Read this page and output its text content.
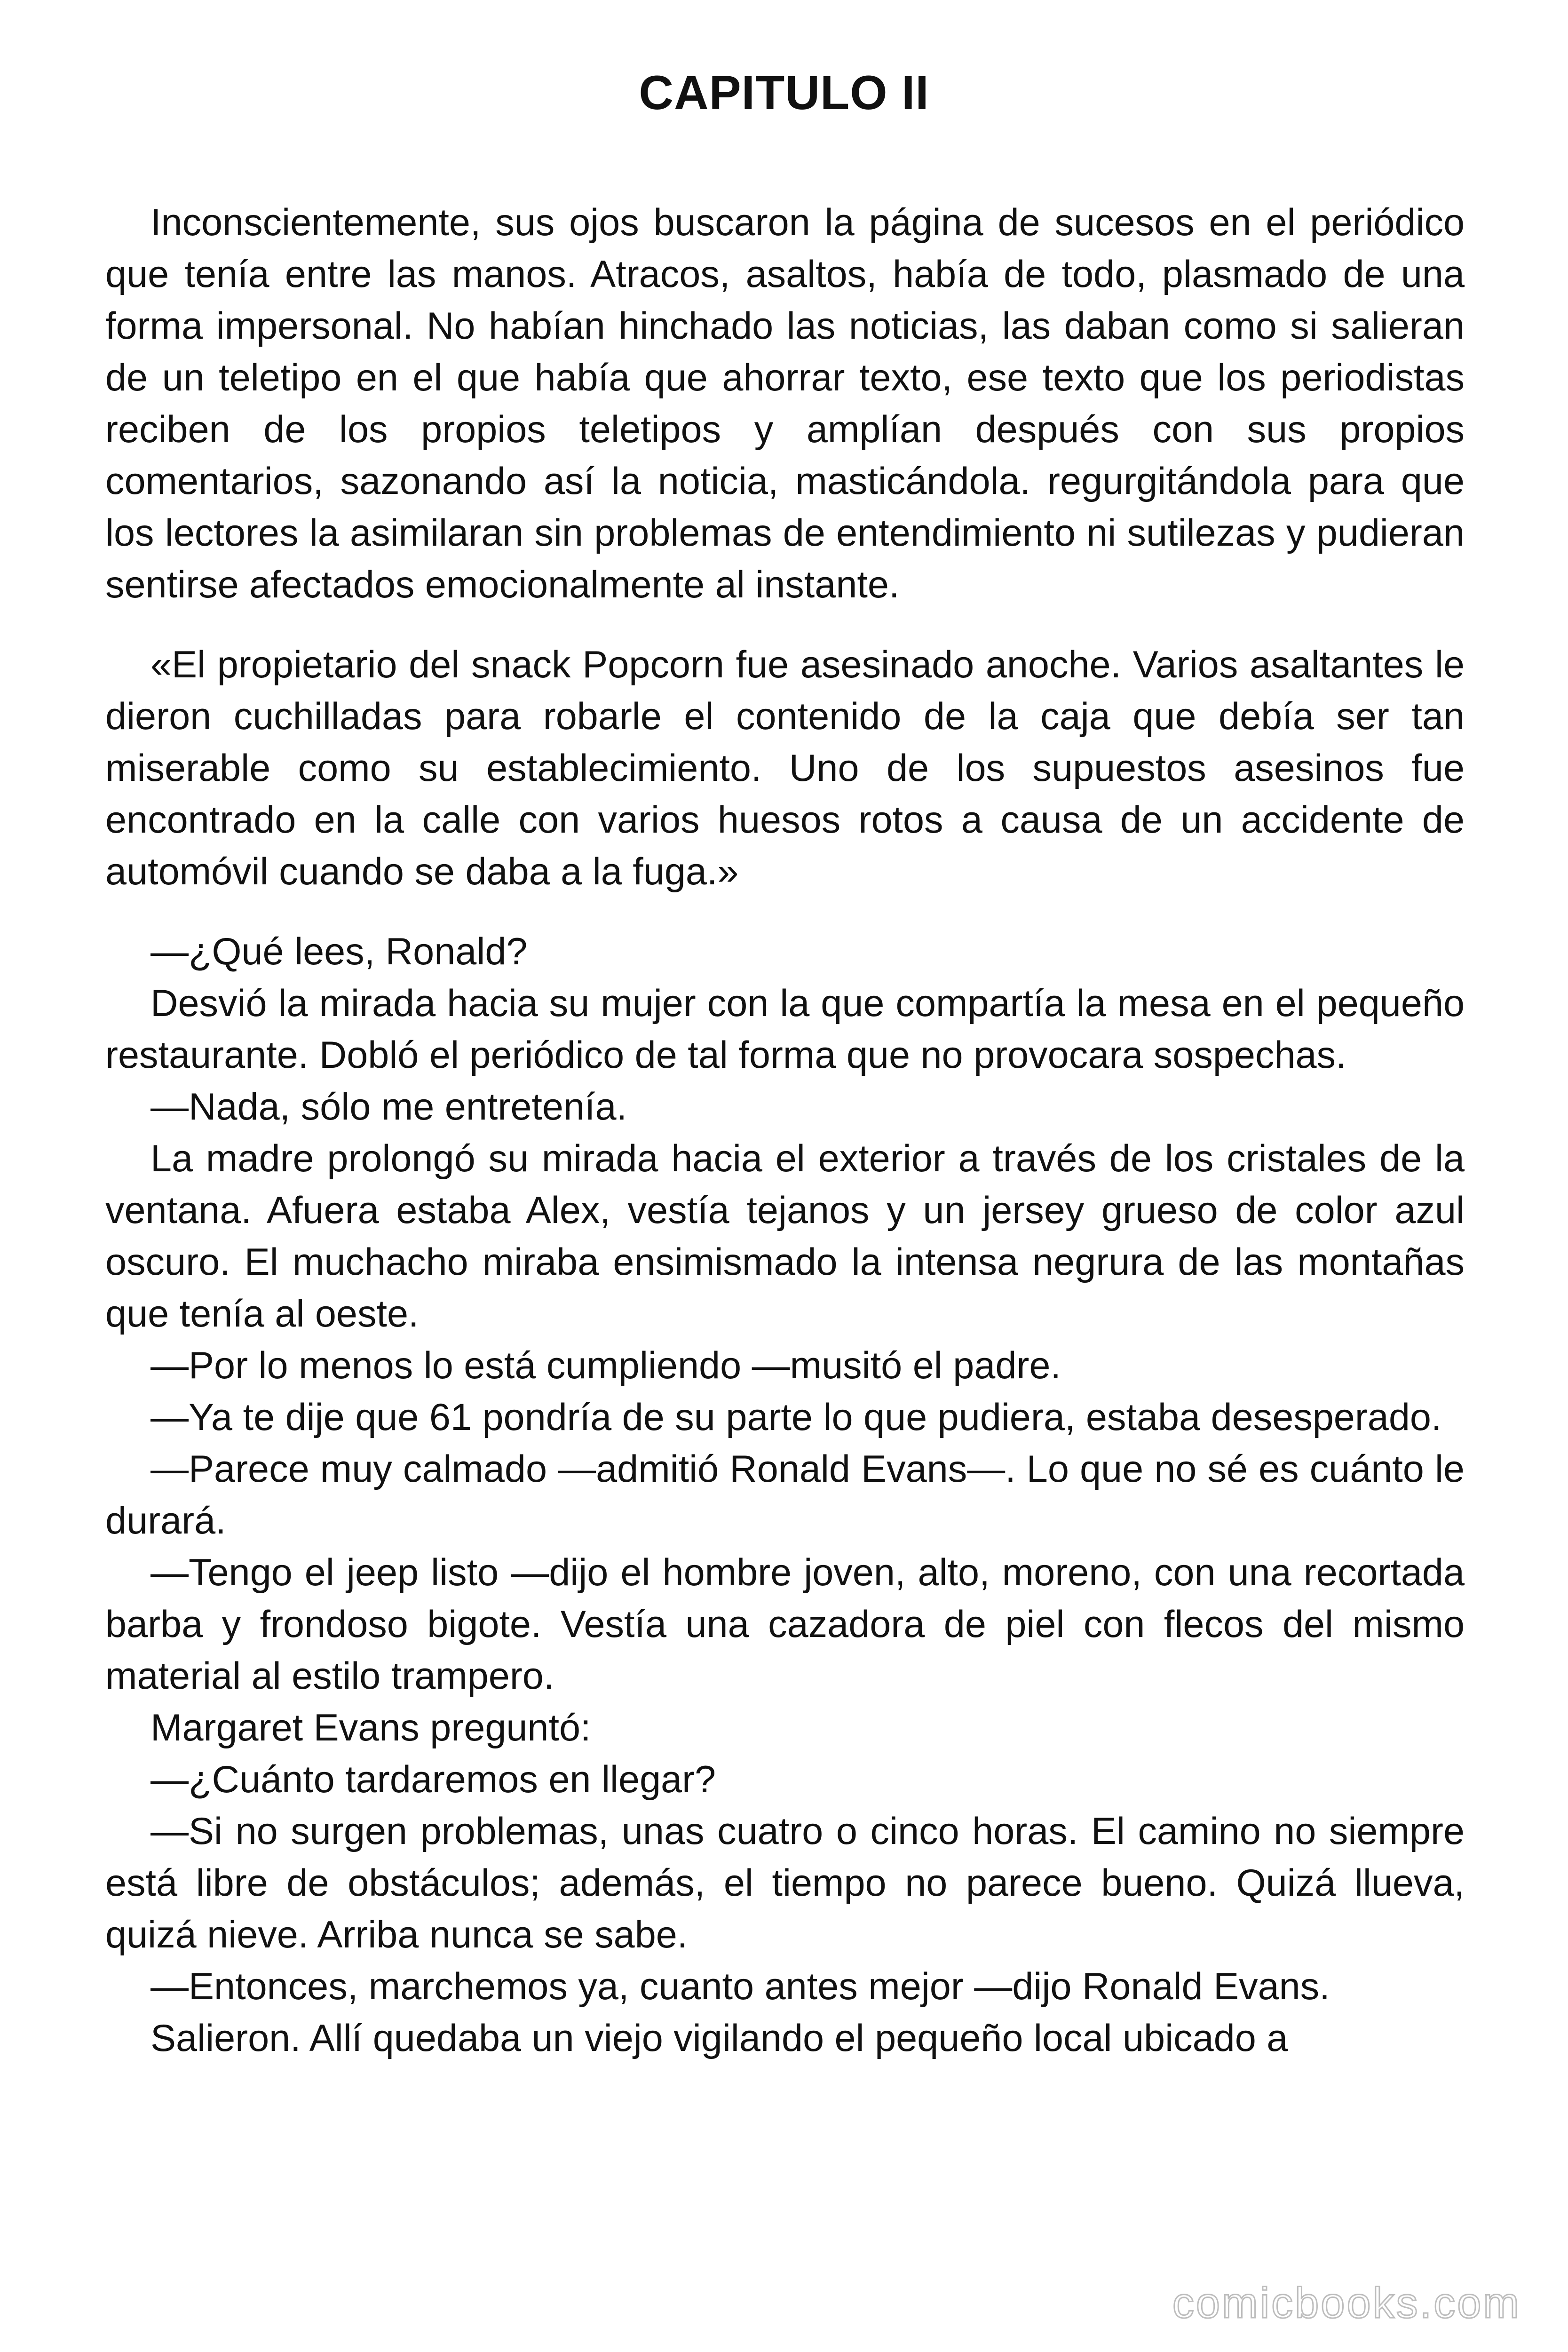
CAPITULO II

Inconscientemente, sus ojos buscaron la página de sucesos en el periódico que tenía entre las manos. Atracos, asaltos, había de todo, plasmado de una forma impersonal. No habían hinchado las noticias, las daban como si salieran de un teletipo en el que había que ahorrar texto, ese texto que los periodistas reciben de los propios teletipos y amplían después con sus propios comentarios, sazonando así la noticia, masticándola. regurgitándola para que los lectores la asimilaran sin problemas de entendimiento ni sutilezas y pudieran sentirse afectados emocionalmente al instante.

«El propietario del snack Popcorn fue asesinado anoche. Varios asaltantes le dieron cuchilladas para robarle el contenido de la caja que debía ser tan miserable como su establecimiento. Uno de los supuestos asesinos fue encontrado en la calle con varios huesos rotos a causa de un accidente de automóvil cuando se daba a la fuga.»

—¿Qué lees, Ronald?

Desvió la mirada hacia su mujer con la que compartía la mesa en el pequeño restaurante. Dobló el periódico de tal forma que no provocara sospechas.

—Nada, sólo me entretenía.

La madre prolongó su mirada hacia el exterior a través de los cristales de la ventana. Afuera estaba Alex, vestía tejanos y un jersey grueso de color azul oscuro. El muchacho miraba ensimismado la intensa negrura de las montañas que tenía al oeste.

—Por lo menos lo está cumpliendo —musitó el padre.

—Ya te dije que 61 pondría de su parte lo que pudiera, estaba desesperado.

—Parece muy calmado —admitió Ronald Evans—. Lo que no sé es cuánto le durará.

—Tengo el jeep listo —dijo el hombre joven, alto, moreno, con una recortada barba y frondoso bigote. Vestía una cazadora de piel con flecos del mismo material al estilo trampero.

Margaret Evans preguntó:

—¿Cuánto tardaremos en llegar?

—Si no surgen problemas, unas cuatro o cinco horas. El camino no siempre está libre de obstáculos; además, el tiempo no parece bueno. Quizá llueva, quizá nieve. Arriba nunca se sabe.

—Entonces, marchemos ya, cuanto antes mejor —dijo Ronald Evans.

Salieron. Allí quedaba un viejo vigilando el pequeño local ubicado a

comicbooks.com
